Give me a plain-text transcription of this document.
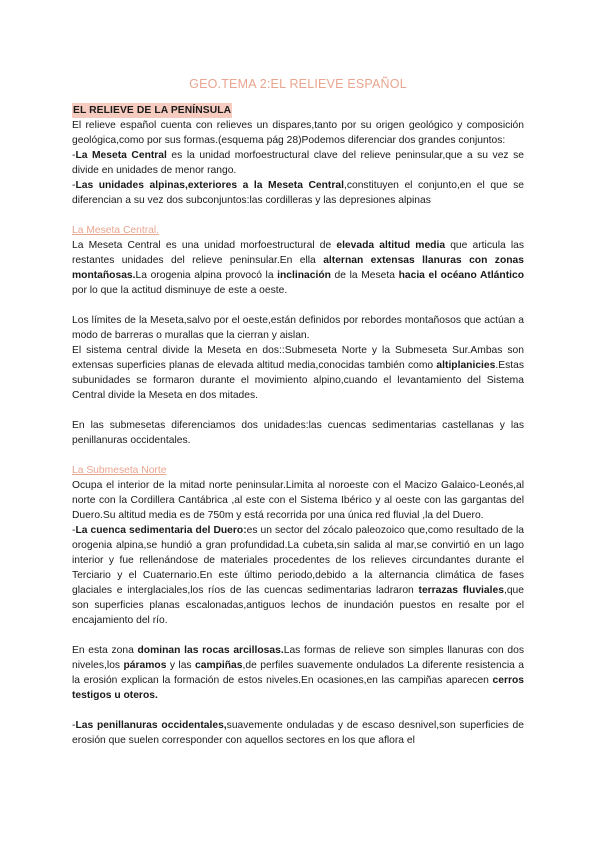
GEO.TEMA 2:EL RELIEVE ESPAÑOL
EL RELIEVE DE LA PENÍNSULA

El relieve español cuenta con relieves un dispares,tanto por su origen geológico y composición geológica,como por sus formas.(esquema pág 28)Podemos diferenciar dos grandes conjuntos:

-La Meseta Central es la unidad morfoestructural clave del relieve peninsular,que a su vez se divide en unidades de menor rango.

-Las unidades alpinas,exteriores a la Meseta Central,constituyen el conjunto,en el que se diferencian a su vez dos subconjuntos:las cordilleras y las depresiones alpinas

La Meseta Central.

La Meseta Central es una unidad morfoestructural de elevada altitud media que articula las restantes unidades del relieve peninsular.En ella alternan extensas llanuras con zonas montañosas.La orogenia alpina provocó la inclinación de la Meseta hacia el océano Atlántico por lo que la actitud disminuye de este a oeste.

Los límites de la Meseta,salvo por el oeste,están definidos por rebordes montañosos que actúan a modo de barreras o murallas que la cierran y aislan.

El sistema central divide la Meseta en dos::Submeseta Norte y la Submeseta Sur.Ambas son extensas superficies planas de elevada altitud media,conocidas también como altiplanicies.Estas subunidades se formaron durante el movimiento alpino,cuando el levantamiento del Sistema Central divide la Meseta en dos mitades.

En las submesetas diferenciamos dos unidades:las cuencas sedimentarias castellanas y las penillanuras occidentales.

La Submeseta Norte

Ocupa el interior de la mitad norte peninsular.Limita al noroeste con el Macizo Galaico-Leonés,al norte con la Cordillera Cantábrica ,al este con el Sistema Ibérico y al oeste con las gargantas del Duero.Su altitud media es de 750m y está recorrida por una única red fluvial ,la del Duero.

-La cuenca sedimentaria del Duero:es un sector del zócalo paleozoico que,como resultado de la orogenia alpina,se hundió a gran profundidad.La cubeta,sin salida al mar,se convirtió en un lago interior y fue rellenándose de materiales procedentes de los relieves circundantes durante el Terciario y el Cuaternario.En este último periodo,debido a la alternancia climática de fases glaciales e interglaciales,los ríos de las cuencas sedimentarias ladraron terrazas fluviales,que son superficies planas escalonadas,antiguos lechos de inundación puestos en resalte por el encajamiento del río.

En esta zona dominan las rocas arcillosas.Las formas de relieve son simples llanuras con dos niveles,los páramos y las campiñas,de perfiles suavemente ondulados La diferente resistencia a la erosión explican la formación de estos niveles.En ocasiones,en las campiñas aparecen cerros testigos u oteros.

-Las penillanuras occidentales,suavemente onduladas y de escaso desnivel,son superficies de erosión que suelen corresponder con aquellos sectores en los que aflora el
